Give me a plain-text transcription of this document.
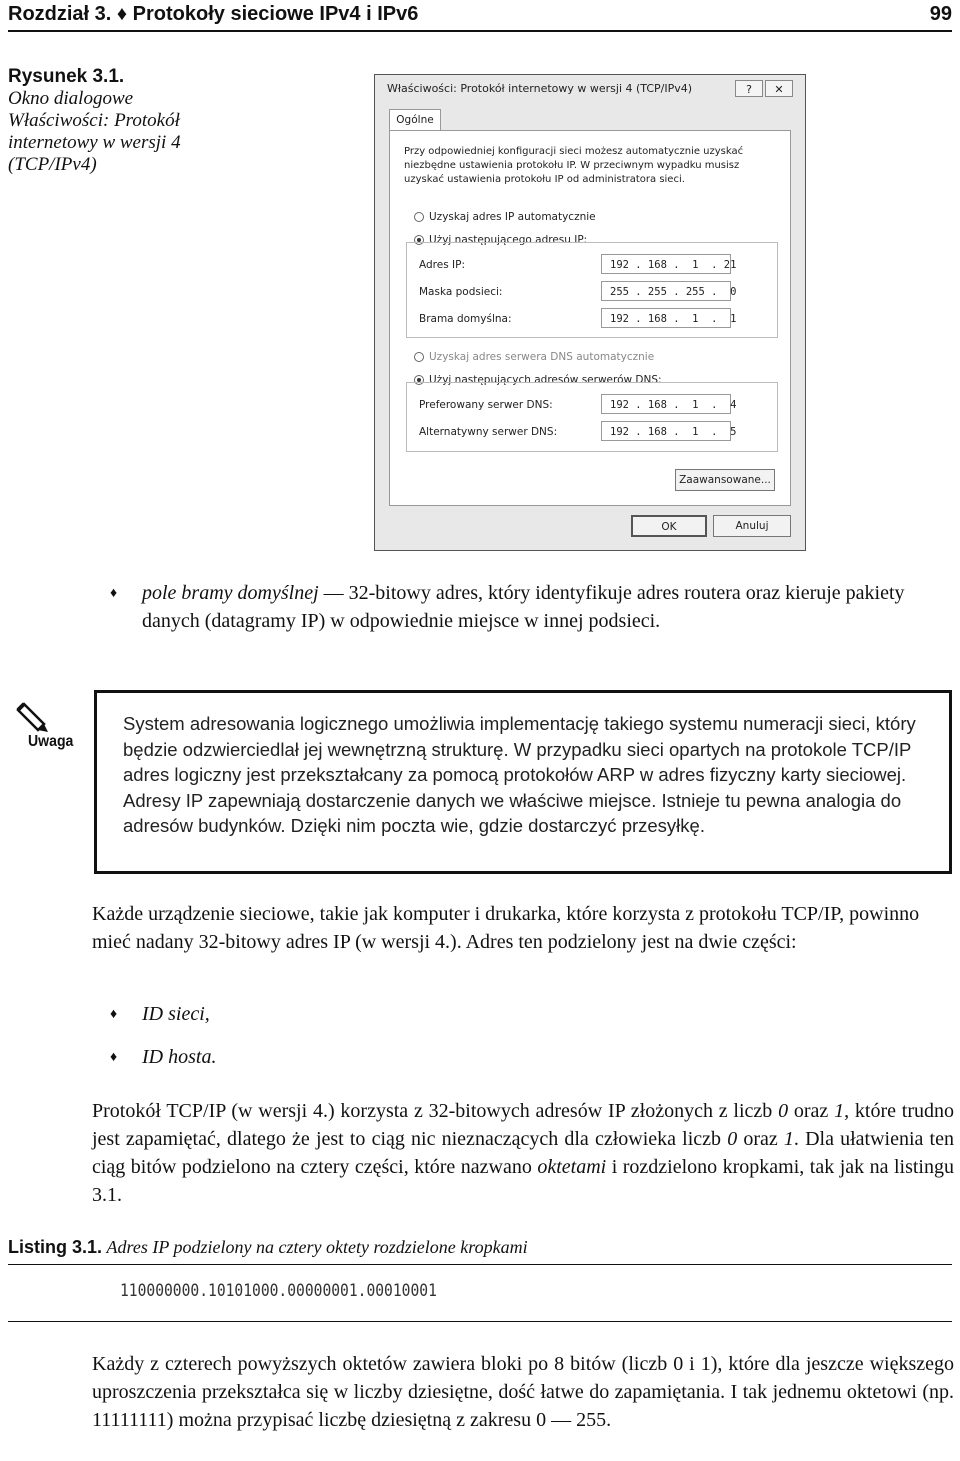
Rozdział 3. ♦ Protokoły sieciowe IPv4 i IPv6	99
Rysunek 3.1.
Okno dialogowe Właściwości: Protokół internetowy w wersji 4 (TCP/IPv4)
Właściwości: Protokół internetowy w wersji 4 (TCP/IPv4)	?	✕
Ogólne
Przy odpowiedniej konfiguracji sieci możesz automatycznie uzyskać niezbędne ustawienia protokołu IP. W przeciwnym wypadku musisz uzyskać ustawienia protokołu IP od administratora sieci.
Uzyskaj adres IP automatycznie
Użyj następującego adresu IP:
Adres IP:	192 . 168 .  1  . 21
Maska podsieci:	255 . 255 . 255 .  0
Brama domyślna:	192 . 168 .  1  .  1
Uzyskaj adres serwera DNS automatycznie
Użyj następujących adresów serwerów DNS:
Preferowany serwer DNS:	192 . 168 .  1  .  4
Alternatywny serwer DNS:	192 . 168 .  1  .  5
Zaawansowane...
OK	Anuluj
♦ pole bramy domyślnej — 32-bitowy adres, który identyfikuje adres routera oraz kieruje pakiety danych (datagramy IP) w odpowiednie miejsce w innej podsieci.
Uwaga
System adresowania logicznego umożliwia implementację takiego systemu numeracji sieci, który będzie odzwierciedlał jej wewnętrzną strukturę. W przypadku sieci opartych na protokole TCP/IP adres logiczny jest przekształcany za pomocą protokołów ARP w adres fizyczny karty sieciowej. Adresy IP zapewniają dostarczenie danych we właściwe miejsce. Istnieje tu pewna analogia do adresów budynków. Dzięki nim poczta wie, gdzie dostarczyć przesyłkę.
Każde urządzenie sieciowe, takie jak komputer i drukarka, które korzysta z protokołu TCP/IP, powinno mieć nadany 32-bitowy adres IP (w wersji 4.). Adres ten podzielony jest na dwie części:
♦ ID sieci,
♦ ID hosta.
Protokół TCP/IP (w wersji 4.) korzysta z 32-bitowych adresów IP złożonych z liczb 0 oraz 1, które trudno jest zapamiętać, dlatego że jest to ciąg nic nieznaczących dla człowieka liczb 0 oraz 1. Dla ułatwienia ten ciąg bitów podzielono na cztery części, które nazwano oktetami i rozdzielono kropkami, tak jak na listingu 3.1.
Listing 3.1. Adres IP podzielony na cztery oktety rozdzielone kropkami
110000000.10101000.00000001.00010001
Każdy z czterech powyższych oktetów zawiera bloki po 8 bitów (liczb 0 i 1), które dla jeszcze większego uproszczenia przekształca się w liczby dziesiętne, dość łatwe do zapamiętania. I tak jednemu oktetowi (np. 11111111) można przypisać liczbę dziesiętną z zakresu 0 — 255.
